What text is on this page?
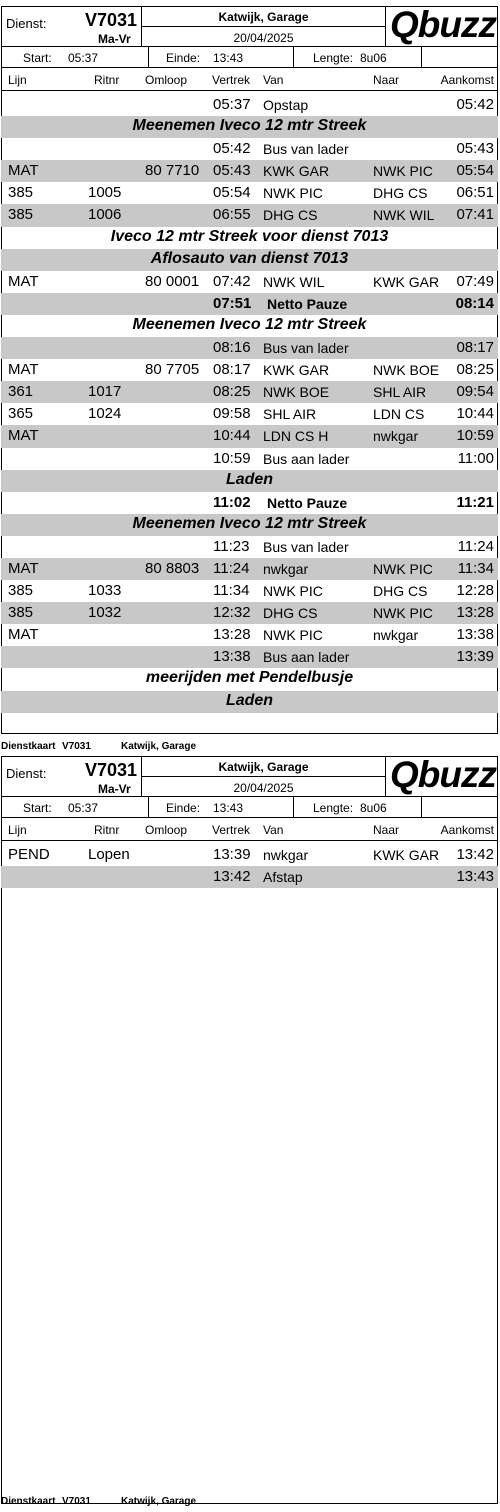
Dienst: V7031
Ma-Vr
Katwijk, Garage
20/04/2025	Qbuzz
Start: 05:37	Einde: 13:43	Lengte: 8u06
Lijn	Ritnr Omloop Vertrek Van	Naar	Aankomst
05:37 Opstap	05:42
Meenemen Iveco 12 mtr Streek
05:42 Bus van lader	05:43
MAT	80 7710 05:43 KWK GAR	NWK PIC 05:54
385	1005	05:54 NWK PIC	DHG CS 06:51
385	1006	06:55 DHG CS	NWK WIL 07:41
Iveco 12 mtr Streek voor dienst 7013
Aflosauto van dienst 7013
MAT	80 0001 07:42 NWK WIL	KWK GAR 07:49
07:51 Netto Pauze	08:14
Meenemen Iveco 12 mtr Streek
08:16 Bus van lader	08:17
MAT	80 7705 08:17 KWK GAR	NWK BOE 08:25
361	1017	08:25 NWK BOE	SHL AIR 09:54
365	1024	09:58 SHL AIR	LDN CS 10:44
MAT	10:44 LDN CS H	nwkgar	10:59
10:59 Bus aan lader	11:00
Laden
11:02 Netto Pauze	11:21
Meenemen Iveco 12 mtr Streek
11:23 Bus van lader	11:24
MAT	80 8803 11:24 nwkgar	NWK PIC 11:34
385	1033	11:34 NWK PIC	DHG CS 12:28
385	1032	12:32 DHG CS	NWK PIC 13:28
MAT	13:28 NWK PIC	nwkgar	13:38
13:38 Bus aan lader	13:39
meerijden met Pendelbusje
Laden
Dienstkaart V7031	Katwijk, Garage
Dienst: V7031
Ma-Vr
Katwijk, Garage
20/04/2025	Qbuzz
Start: 05:37	Einde: 13:43	Lengte: 8u06
Lijn	Ritnr Omloop Vertrek Van	Naar	Aankomst
PEND	Lopen	13:39 nwkgar	KWK GAR 13:42
13:42 Afstap	13:43
Dienstkaart V7031	Katwijk, Garage
